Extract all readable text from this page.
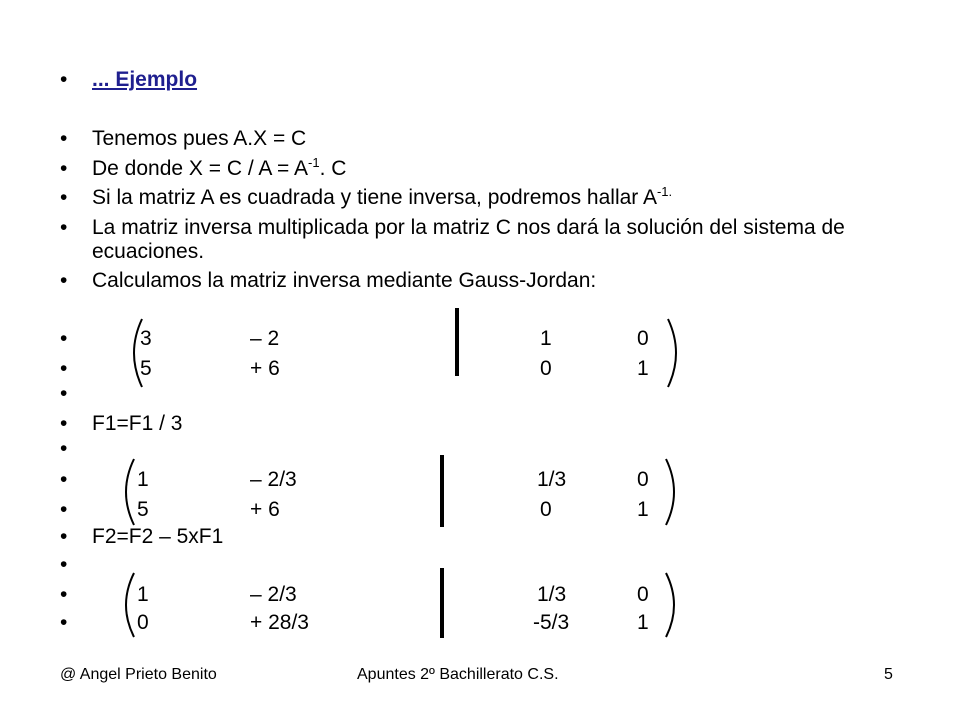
• ... Ejemplo
• Tenemos pues A.X = C
• De donde $X = C / A = A^{-1}$. C
• Si la matriz A es cuadrada y tiene inversa, podremos hallar $A^{-1.}$
• La matriz inversa multiplicada por la matriz C nos dará la solución del sistema de ecuaciones.
• Calculamos la matriz inversa mediante Gauss-Jordan:
•
•
•
•
•
•
•
•
•
•
•
3	– 2	1	0
5	+ 6	0	1
F1=F1 / 3
1	– 2/3	1/3	0
5	+ 6	0	1
F2=F2 – 5xF1
1	– 2/3	1/3	0
0	+ 28/3	-5/3	1
@ Angel Prieto Benito	Apuntes 2º Bachillerato C.S.	5
